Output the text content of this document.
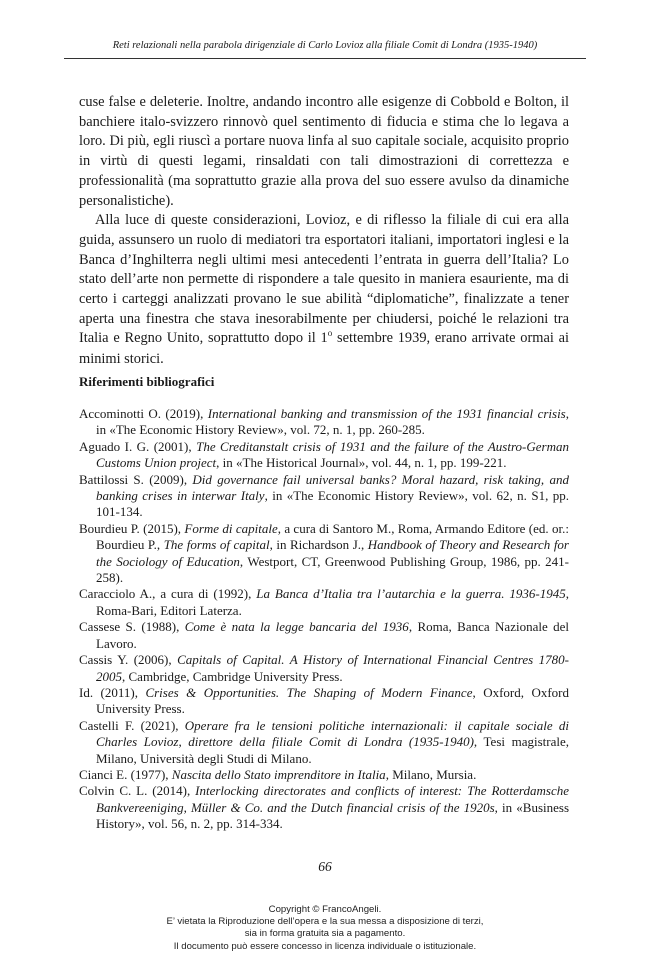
Reti relazionali nella parabola dirigenziale di Carlo Lovioz alla filiale Comit di Londra (1935-1940)

cuse false e deleterie. Inoltre, andando incontro alle esigenze di Cobbold e Bolton, il banchiere italo-svizzero rinnovò quel sentimento di fiducia e stima che lo legava a loro. Di più, egli riuscì a portare nuova linfa al suo capitale sociale, acquisito proprio in virtù di questi legami, rinsaldati con tali dimostrazioni di correttezza e professionalità (ma soprattutto grazie alla prova del suo essere avulso da dinamiche personalistiche).

Alla luce di queste considerazioni, Lovioz, e di riflesso la filiale di cui era alla guida, assunsero un ruolo di mediatori tra esportatori italiani, importatori inglesi e la Banca d’Inghilterra negli ultimi mesi antecedenti l’entrata in guerra dell’Italia? Lo stato dell’arte non permette di rispondere a tale quesito in maniera esauriente, ma di certo i carteggi analizzati provano le sue abilità “diplomatiche”, finalizzate a tener aperta una finestra che stava inesorabilmente per chiudersi, poiché le relazioni tra Italia e Regno Unito, soprattutto dopo il 1$^o$ settembre 1939, erano arrivate ormai ai minimi storici.

Riferimenti bibliografici
Accominotti O. (2019), International banking and transmission of the 1931 financial crisis, in «The Economic History Review», vol. 72, n. 1, pp. 260-285.
Aguado I. G. (2001), The Creditanstalt crisis of 1931 and the failure of the Austro-German Customs Union project, in «The Historical Journal», vol. 44, n. 1, pp. 199-221.
Battilossi S. (2009), Did governance fail universal banks? Moral hazard, risk taking, and banking crises in interwar Italy, in «The Economic History Review», vol. 62, n. S1, pp. 101-134.
Bourdieu P. (2015), Forme di capitale, a cura di Santoro M., Roma, Armando Editore (ed. or.: Bourdieu P., The forms of capital, in Richardson J., Handbook of Theory and Research for the Sociology of Education, Westport, CT, Greenwood Publishing Group, 1986, pp. 241-258).
Caracciolo A., a cura di (1992), La Banca d’Italia tra l’autarchia e la guerra. 1936-1945, Roma-Bari, Editori Laterza.
Cassese S. (1988), Come è nata la legge bancaria del 1936, Roma, Banca Nazionale del Lavoro.
Cassis Y. (2006), Capitals of Capital. A History of International Financial Centres 1780-2005, Cambridge, Cambridge University Press.
Id. (2011), Crises & Opportunities. The Shaping of Modern Finance, Oxford, Oxford University Press.
Castelli F. (2021), Operare fra le tensioni politiche internazionali: il capitale sociale di Charles Lovioz, direttore della filiale Comit di Londra (1935-1940), Tesi magistrale, Milano, Università degli Studi di Milano.
Cianci E. (1977), Nascita dello Stato imprenditore in Italia, Milano, Mursia.
Colvin C. L. (2014), Interlocking directorates and conflicts of interest: The Rotterdamsche Bankvereeniging, Müller & Co. and the Dutch financial crisis of the 1920s, in «Business History», vol. 56, n. 2, pp. 314-334.
66
Copyright © FrancoAngeli.
E’ vietata la Riproduzione dell’opera e la sua messa a disposizione di terzi,
sia in forma gratuita sia a pagamento.
Il documento può essere concesso in licenza individuale o istituzionale.
